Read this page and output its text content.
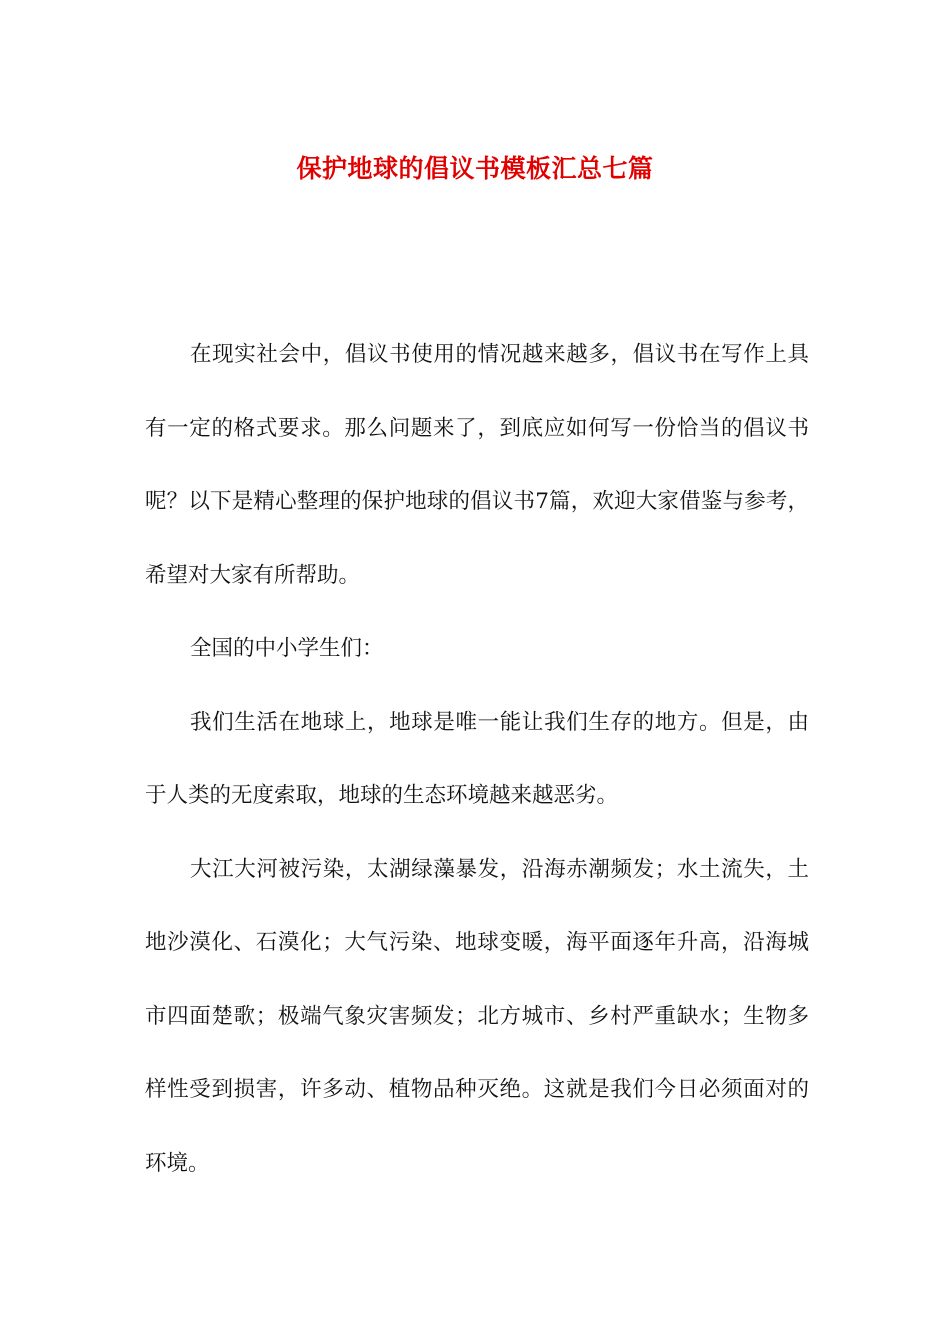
保护地球的倡议书模板汇总七篇

在现实社会中，倡议书使用的情况越来越多，倡议书在写作上具有一定的格式要求。那么问题来了，到底应如何写一份恰当的倡议书呢？以下是精心整理的保护地球的倡议书7篇，欢迎大家借鉴与参考，希望对大家有所帮助。

全国的中小学生们：

我们生活在地球上，地球是唯一能让我们生存的地方。但是，由于人类的无度索取，地球的生态环境越来越恶劣。

大江大河被污染，太湖绿藻暴发，沿海赤潮频发；水土流失，土地沙漠化、石漠化；大气污染、地球变暖，海平面逐年升高，沿海城市四面楚歌；极端气象灾害频发；北方城市、乡村严重缺水；生物多样性受到损害，许多动、植物品种灭绝。这就是我们今日必须面对的环境。
